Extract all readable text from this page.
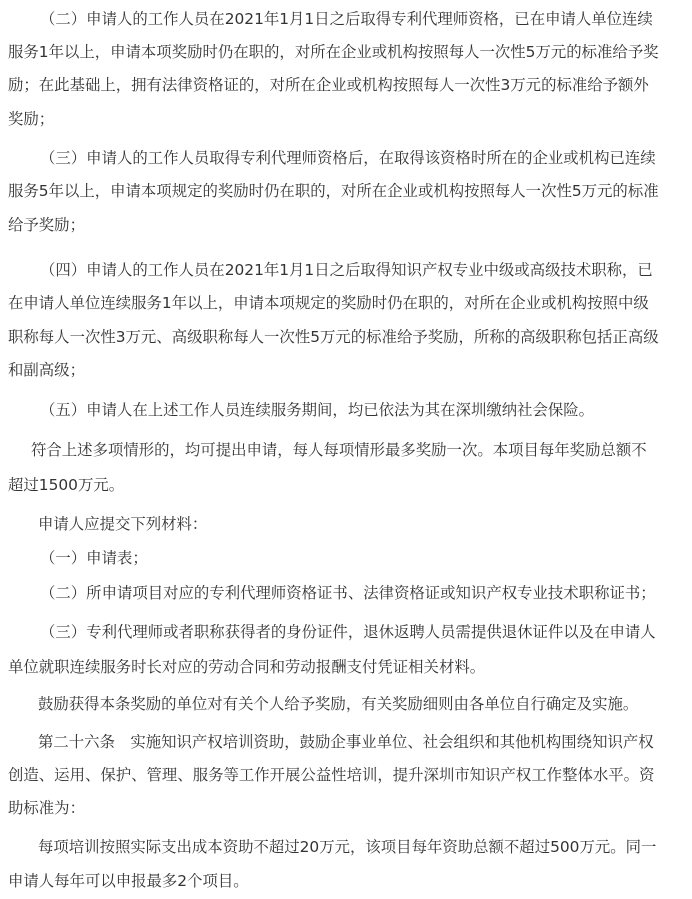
（二）申请人的工作人员在2021年1月1日之后取得专利代理师资格，已在申请人单位连续
服务1年以上，申请本项奖励时仍在职的，对所在企业或机构按照每人一次性5万元的标准给予奖
励；在此基础上，拥有法律资格证的，对所在企业或机构按照每人一次性3万元的标准给予额外
奖励；
（三）申请人的工作人员取得专利代理师资格后，在取得该资格时所在的企业或机构已连续
服务5年以上，申请本项规定的奖励时仍在职的，对所在企业或机构按照每人一次性5万元的标准
给予奖励；
（四）申请人的工作人员在2021年1月1日之后取得知识产权专业中级或高级技术职称，已
在申请人单位连续服务1年以上，申请本项规定的奖励时仍在职的，对所在企业或机构按照中级
职称每人一次性3万元、高级职称每人一次性5万元的标准给予奖励，所称的高级职称包括正高级
和副高级；
（五）申请人在上述工作人员连续服务期间，均已依法为其在深圳缴纳社会保险。
符合上述多项情形的，均可提出申请，每人每项情形最多奖励一次。本项目每年奖励总额不
超过1500万元。
申请人应提交下列材料：
（一）申请表；
（二）所申请项目对应的专利代理师资格证书、法律资格证或知识产权专业技术职称证书；
（三）专利代理师或者职称获得者的身份证件，退休返聘人员需提供退休证件以及在申请人
单位就职连续服务时长对应的劳动合同和劳动报酬支付凭证相关材料。
鼓励获得本条奖励的单位对有关个人给予奖励，有关奖励细则由各单位自行确定及实施。
第二十六条　实施知识产权培训资助，鼓励企事业单位、社会组织和其他机构围绕知识产权
创造、运用、保护、管理、服务等工作开展公益性培训，提升深圳市知识产权工作整体水平。资
助标准为：
每项培训按照实际支出成本资助不超过20万元，该项目每年资助总额不超过500万元。同一
申请人每年可以申报最多2个项目。
